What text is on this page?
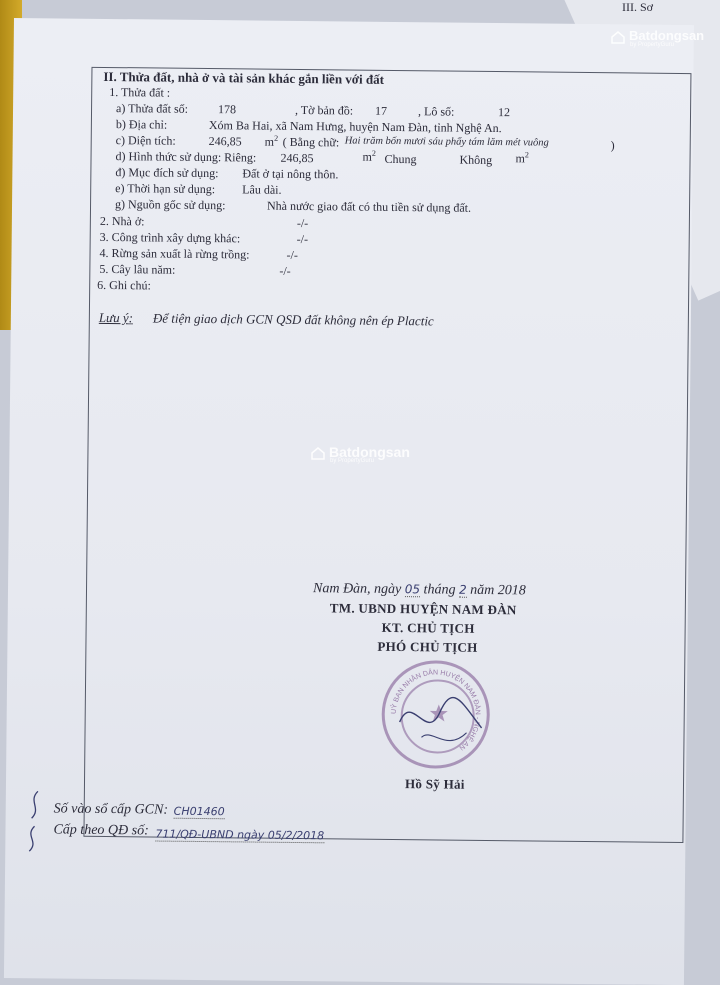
III. Sơ
II. Thửa đất, nhà ở và tài sản khác gắn liền với đất
1. Thửa đất :
a) Thửa đất số: 178	, Tờ bản đồ: 17	, Lô số:	12
b) Địa chỉ:	Xóm Ba Hai, xã Nam Hưng, huyện Nam Đàn, tỉnh Nghệ An.
c) Diện tích:	246,85 $m^2$ ( Bằng chữ: Hai trăm bốn mươi sáu phẩy tám lăm mét vuông	)
d) Hình thức sử dụng: Riêng: 246,85	$m^2$ Chung	Không $m^2$
đ) Mục đích sử dụng: Đất ở tại nông thôn.
e) Thời hạn sử dụng: Lâu dài.
g) Nguồn gốc sử dụng:	Nhà nước giao đất có thu tiền sử dụng đất.
2. Nhà ở:	-/-
3. Công trình xây dựng khác:	-/-
4. Rừng sản xuất là rừng trồng:	-/-
5. Cây lâu năm:	-/-
6. Ghi chú:
Lưu ý: Để tiện giao dịch GCN QSD đất không nên ép Plactic
Nam Đàn, ngày 05 tháng 2 năm 2018
TM. UBND HUYỆN NAM ĐÀN
KT. CHỦ TỊCH
PHÓ CHỦ TỊCH
UỶ BAN NHÂN DÂN HUYỆN NAM ĐÀN - NGHỆ AN
Hồ Sỹ Hải
Số vào sổ cấp GCN: CH01460
Cấp theo QĐ số: 711/QĐ-UBND ngày 05/2/2018
Batdongsan
by PropertyGuru
Batdongsan
by PropertyGuru
